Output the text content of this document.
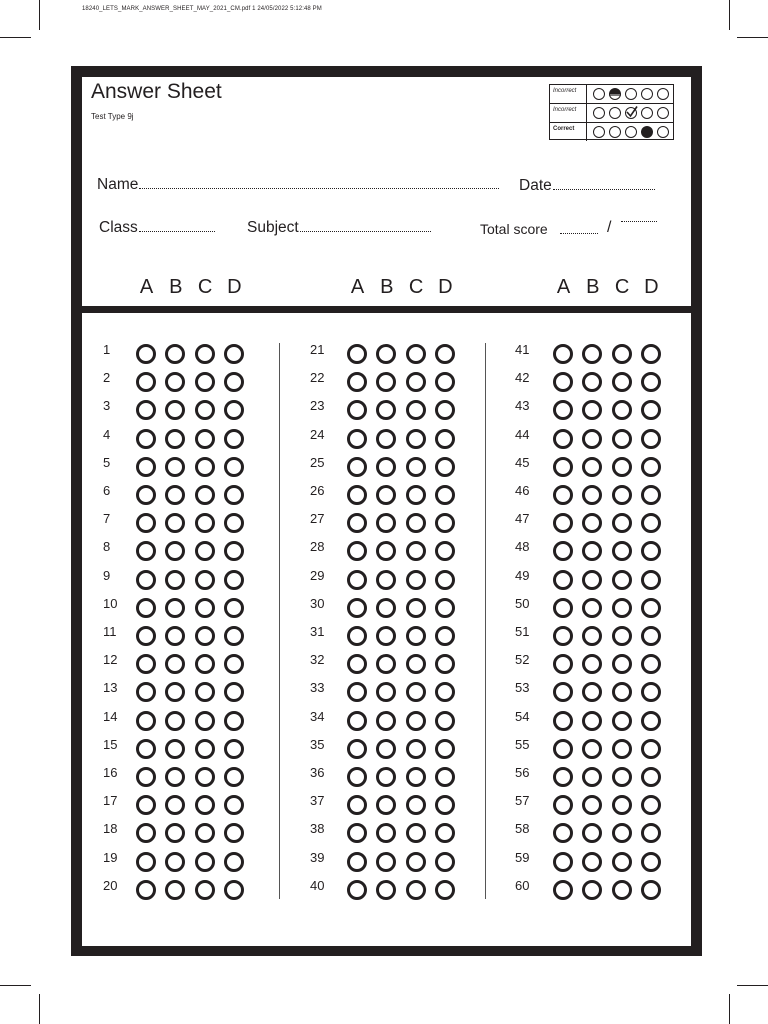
18240_LETS_MARK_ANSWER_SHEET_MAY_2021_CM.pdf 1 24/05/2022 5:12:48 PM
Answer Sheet
Test Type 9j
Incorrect
Incorrect
Correct
Name	Date
Class	Subject	Total score	/
A B C D	A B C D	A B C D
1
2
3
4
5
6
7
8
9
10
11
12
13
14
15
16
17
18
19
20
21
22
23
24
25
26
27
28
29
30
31
32
33
34
35
36
37
38
39
40
41
42
43
44
45
46
47
48
49
50
51
52
53
54
55
56
57
58
59
60
